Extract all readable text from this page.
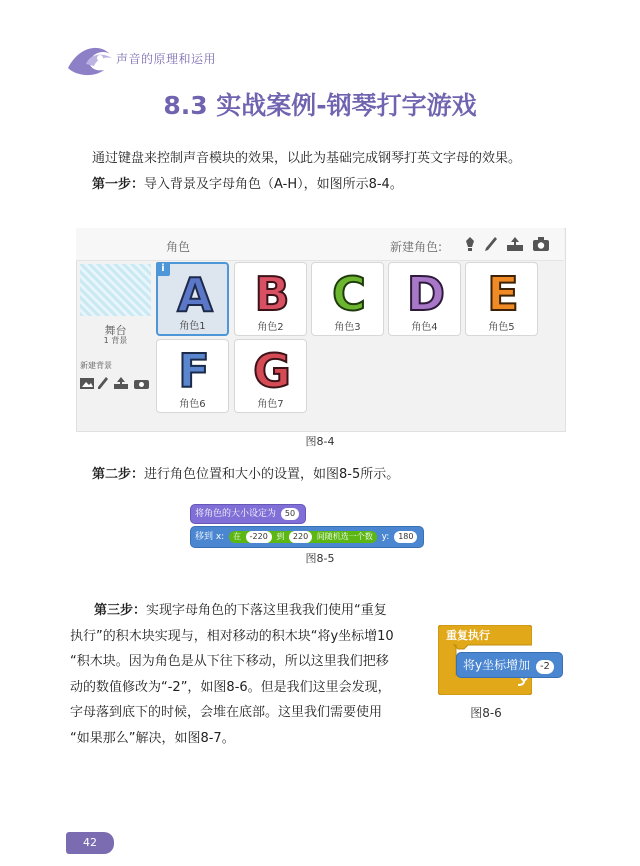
声音的原理和运用
8.3 实战案例-钢琴打字游戏
通过键盘来控制声音模块的效果，以此为基础完成钢琴打英文字母的效果。
第一步：导入背景及字母角色（A-H），如图所示8-4。
角色	新建角色:
舞台
1 背景
新建背景
A
角色1
i B
角色2
C
角色3
D
角色4
E
角色5
F
角色6
G
角色7
图8-4
第二步：进行角色位置和大小的设置，如图8-5所示。
将角色的大小设定为 50
移到 x: 在 -220 到 220 间随机选一个数 y: 180
图8-5
第三步：实现字母角色的下落这里我我们使用“重复
执行”的积木块实现与，相对移动的积木块“将y坐标增10
“积木块。因为角色是从下往下移动，所以这里我们把移
动的数值修改为“-2”，如图8-6。但是我们这里会发现，
字母落到底下的时候，会堆在底部。这里我们需要使用
“如果那么”解决，如图8-7。
重复执行
将y坐标增加 -2
图8-6
42
